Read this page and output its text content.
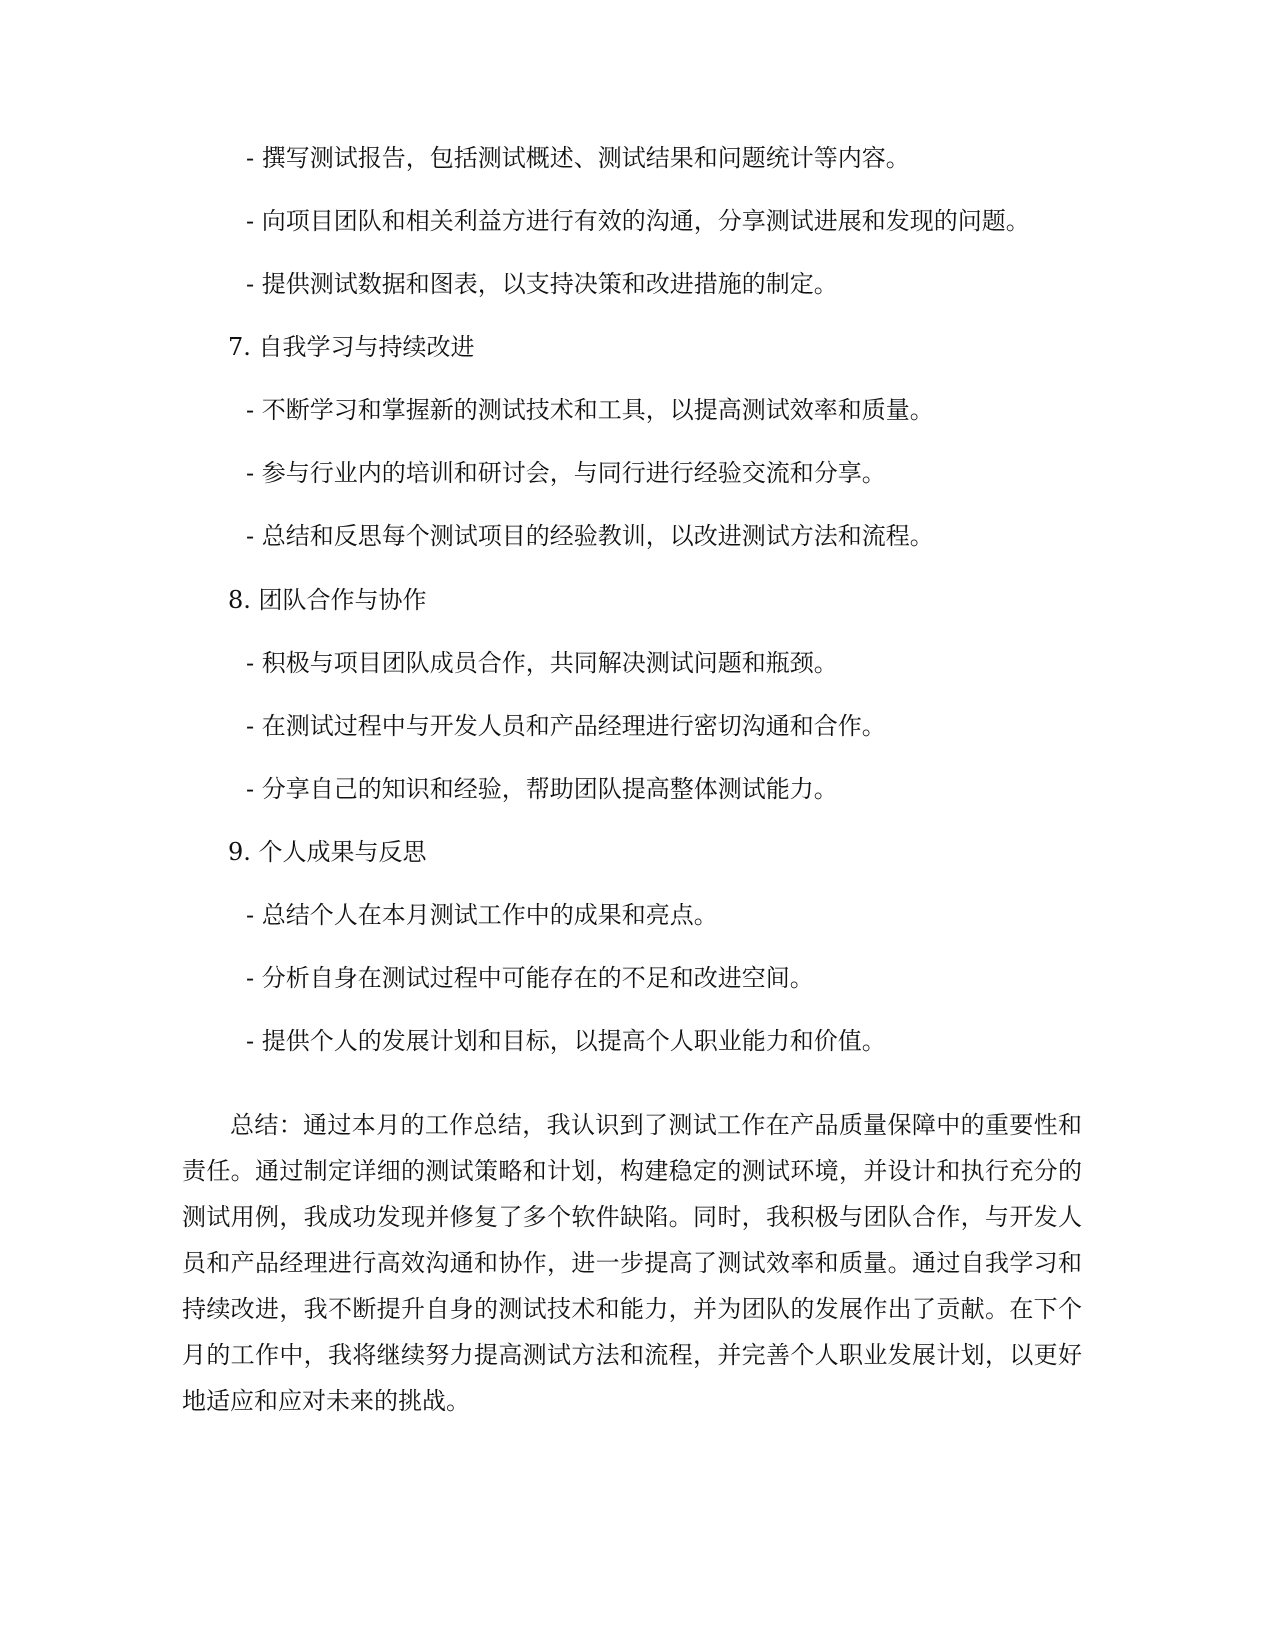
- 撰写测试报告，包括测试概述、测试结果和问题统计等内容。
- 向项目团队和相关利益方进行有效的沟通，分享测试进展和发现的问题。
- 提供测试数据和图表，以支持决策和改进措施的制定。
7. 自我学习与持续改进
- 不断学习和掌握新的测试技术和工具，以提高测试效率和质量。
- 参与行业内的培训和研讨会，与同行进行经验交流和分享。
- 总结和反思每个测试项目的经验教训，以改进测试方法和流程。
8. 团队合作与协作
- 积极与项目团队成员合作，共同解决测试问题和瓶颈。
- 在测试过程中与开发人员和产品经理进行密切沟通和合作。
- 分享自己的知识和经验，帮助团队提高整体测试能力。
9. 个人成果与反思
- 总结个人在本月测试工作中的成果和亮点。
- 分析自身在测试过程中可能存在的不足和改进空间。
- 提供个人的发展计划和目标，以提高个人职业能力和价值。

总结：通过本月的工作总结，我认识到了测试工作在产品质量保障中的重要性和责任。通过制定详细的测试策略和计划，构建稳定的测试环境，并设计和执行充分的测试用例，我成功发现并修复了多个软件缺陷。同时，我积极与团队合作，与开发人员和产品经理进行高效沟通和协作，进一步提高了测试效率和质量。通过自我学习和持续改进，我不断提升自身的测试技术和能力，并为团队的发展作出了贡献。在下个月的工作中，我将继续努力提高测试方法和流程，并完善个人职业发展计划，以更好地适应和应对未来的挑战。
